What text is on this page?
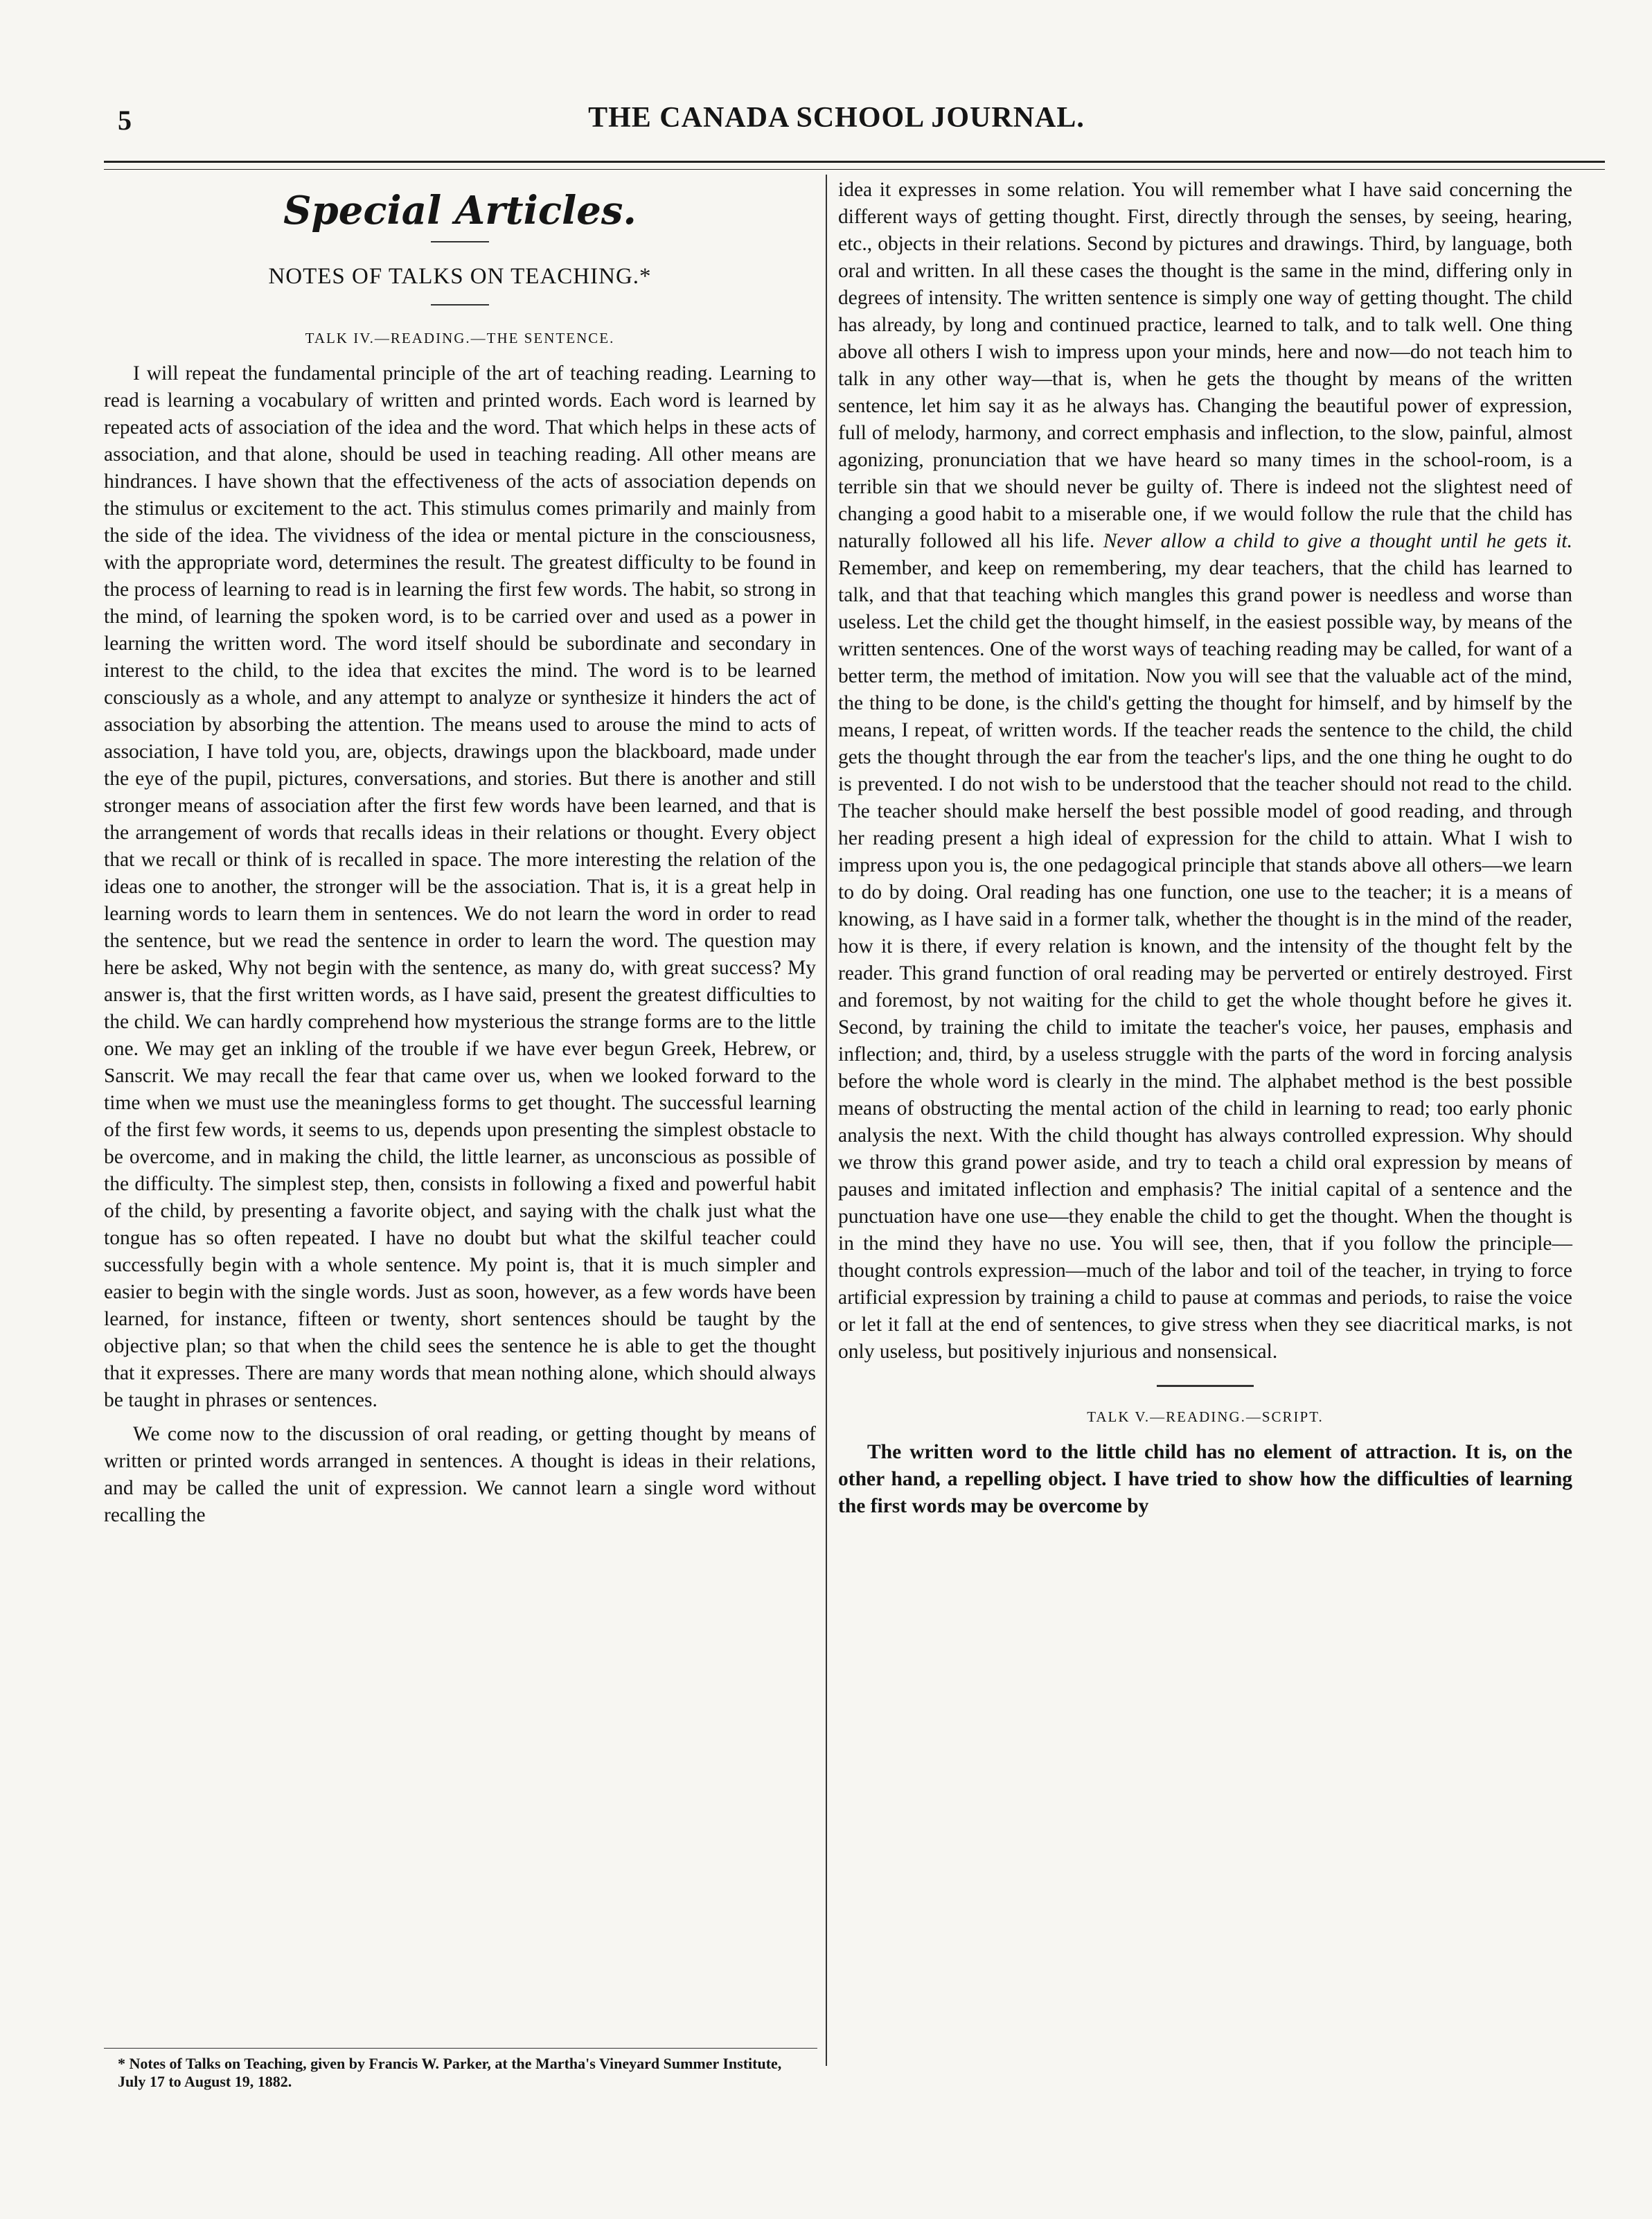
5	THE CANADA SCHOOL JOURNAL.
Special Articles.
NOTES OF TALKS ON TEACHING.*
TALK IV.—READING.—THE SENTENCE.

I will repeat the fundamental principle of the art of teaching reading. Learning to read is learning a vocabulary of written and printed words. Each word is learned by repeated acts of association of the idea and the word. That which helps in these acts of association, and that alone, should be used in teaching reading. All other means are hindrances. I have shown that the effectiveness of the acts of association depends on the stimulus or excitement to the act. This stimulus comes primarily and mainly from the side of the idea. The vividness of the idea or mental picture in the consciousness, with the appropriate word, determines the result. The greatest difficulty to be found in the process of learning to read is in learning the first few words. The habit, so strong in the mind, of learning the spoken word, is to be carried over and used as a power in learning the written word. The word itself should be subordinate and secondary in interest to the child, to the idea that excites the mind. The word is to be learned consciously as a whole, and any attempt to analyze or synthesize it hinders the act of association by absorbing the attention. The means used to arouse the mind to acts of association, I have told you, are, objects, drawings upon the blackboard, made under the eye of the pupil, pictures, conversations, and stories. But there is another and still stronger means of association after the first few words have been learned, and that is the arrangement of words that recalls ideas in their relations or thought. Every object that we recall or think of is recalled in space. The more interesting the relation of the ideas one to another, the stronger will be the association. That is, it is a great help in learning words to learn them in sentences. We do not learn the word in order to read the sentence, but we read the sentence in order to learn the word. The question may here be asked, Why not begin with the sentence, as many do, with great success? My answer is, that the first written words, as I have said, present the greatest difficulties to the child. We can hardly comprehend how mysterious the strange forms are to the little one. We may get an inkling of the trouble if we have ever begun Greek, Hebrew, or Sanscrit. We may recall the fear that came over us, when we looked forward to the time when we must use the meaningless forms to get thought. The successful learning of the first few words, it seems to us, depends upon presenting the simplest obstacle to be overcome, and in making the child, the little learner, as unconscious as possible of the difficulty. The simplest step, then, consists in following a fixed and powerful habit of the child, by presenting a favorite object, and saying with the chalk just what the tongue has so often repeated. I have no doubt but what the skilful teacher could successfully begin with a whole sentence. My point is, that it is much simpler and easier to begin with the single words. Just as soon, however, as a few words have been learned, for instance, fifteen or twenty, short sentences should be taught by the objective plan; so that when the child sees the sentence he is able to get the thought that it expresses. There are many words that mean nothing alone, which should always be taught in phrases or sentences.

We come now to the discussion of oral reading, or getting thought by means of written or printed words arranged in sentences. A thought is ideas in their relations, and may be called the unit of expression. We cannot learn a single word without recalling the

* Notes of Talks on Teaching, given by Francis W. Parker, at the Martha's Vineyard Summer Institute, July 17 to August 19, 1882.

idea it expresses in some relation. You will remember what I have said concerning the different ways of getting thought. First, directly through the senses, by seeing, hearing, etc., objects in their relations. Second by pictures and drawings. Third, by language, both oral and written. In all these cases the thought is the same in the mind, differing only in degrees of intensity. The written sentence is simply one way of getting thought. The child has already, by long and continued practice, learned to talk, and to talk well. One thing above all others I wish to impress upon your minds, here and now—do not teach him to talk in any other way—that is, when he gets the thought by means of the written sentence, let him say it as he always has. Changing the beautiful power of expression, full of melody, harmony, and correct emphasis and inflection, to the slow, painful, almost agonizing, pronunciation that we have heard so many times in the school-room, is a terrible sin that we should never be guilty of. There is indeed not the slightest need of changing a good habit to a miserable one, if we would follow the rule that the child has naturally followed all his life. Never allow a child to give a thought until he gets it. Remember, and keep on remembering, my dear teachers, that the child has learned to talk, and that that teaching which mangles this grand power is needless and worse than useless. Let the child get the thought himself, in the easiest possible way, by means of the written sentences. One of the worst ways of teaching reading may be called, for want of a better term, the method of imitation. Now you will see that the valuable act of the mind, the thing to be done, is the child's getting the thought for himself, and by himself by the means, I repeat, of written words. If the teacher reads the sentence to the child, the child gets the thought through the ear from the teacher's lips, and the one thing he ought to do is prevented. I do not wish to be understood that the teacher should not read to the child. The teacher should make herself the best possible model of good reading, and through her reading present a high ideal of expression for the child to attain. What I wish to impress upon you is, the one pedagogical principle that stands above all others—we learn to do by doing. Oral reading has one function, one use to the teacher; it is a means of knowing, as I have said in a former talk, whether the thought is in the mind of the reader, how it is there, if every relation is known, and the intensity of the thought felt by the reader. This grand function of oral reading may be perverted or entirely destroyed. First and foremost, by not waiting for the child to get the whole thought before he gives it. Second, by training the child to imitate the teacher's voice, her pauses, emphasis and inflection; and, third, by a useless struggle with the parts of the word in forcing analysis before the whole word is clearly in the mind. The alphabet method is the best possible means of obstructing the mental action of the child in learning to read; too early phonic analysis the next. With the child thought has always controlled expression. Why should we throw this grand power aside, and try to teach a child oral expression by means of pauses and imitated inflection and emphasis? The initial capital of a sentence and the punctuation have one use—they enable the child to get the thought. When the thought is in the mind they have no use. You will see, then, that if you follow the principle—thought controls expression—much of the labor and toil of the teacher, in trying to force artificial expression by training a child to pause at commas and periods, to raise the voice or let it fall at the end of sentences, to give stress when they see diacritical marks, is not only useless, but positively injurious and nonsensical.

TALK V.—READING.—SCRIPT.

The written word to the little child has no element of attraction. It is, on the other hand, a repelling object. I have tried to show how the difficulties of learning the first words may be overcome by
